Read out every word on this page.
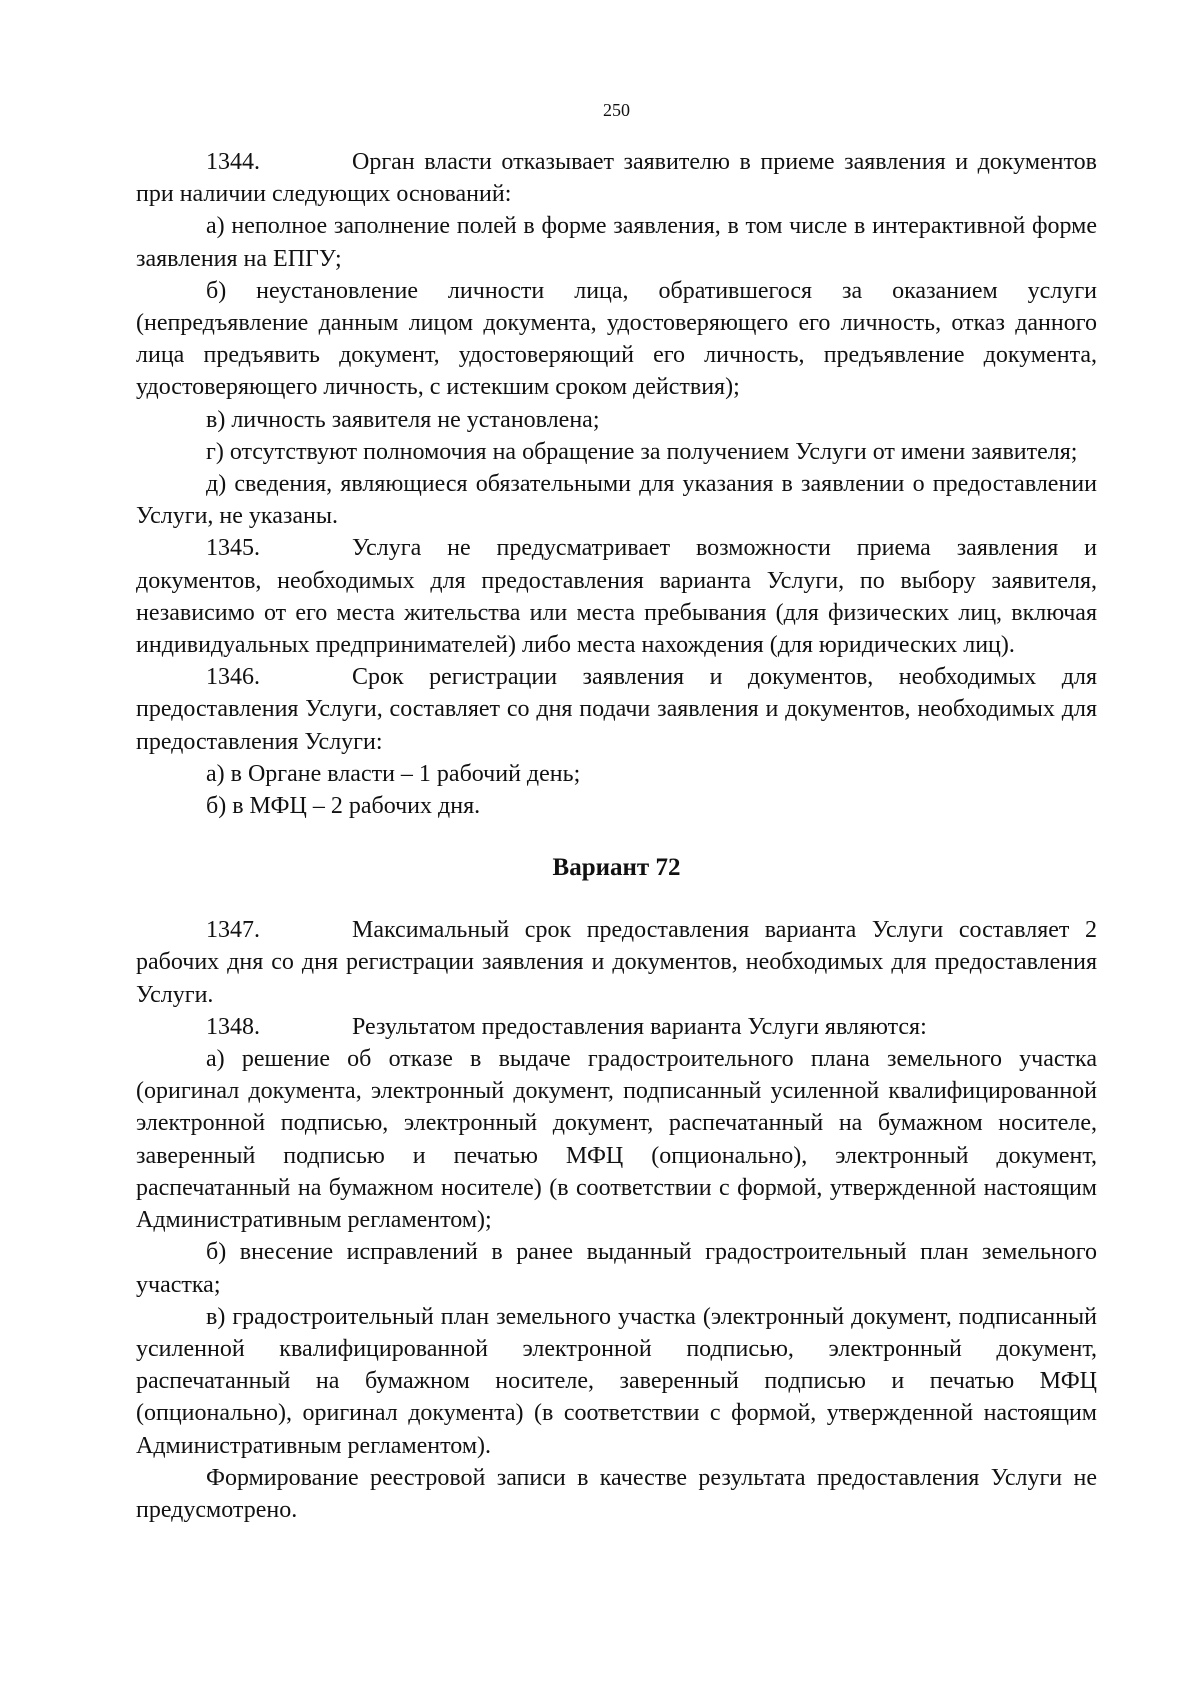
250

1344.	Орган власти отказывает заявителю в приеме заявления и документов при наличии следующих оснований:

а) неполное заполнение полей в форме заявления, в том числе в интерактивной форме заявления на ЕПГУ;

б) неустановление личности лица, обратившегося за оказанием услуги (непредъявление данным лицом документа, удостоверяющего его личность, отказ данного лица предъявить документ, удостоверяющий его личность, предъявление документа, удостоверяющего личность, с истекшим сроком действия);

в) личность заявителя не установлена;

г) отсутствуют полномочия на обращение за получением Услуги от имени заявителя;

д) сведения, являющиеся обязательными для указания в заявлении о предоставлении Услуги, не указаны.

1345.	Услуга не предусматривает возможности приема заявления и документов, необходимых для предоставления варианта Услуги, по выбору заявителя, независимо от его места жительства или места пребывания (для физических лиц, включая индивидуальных предпринимателей) либо места нахождения (для юридических лиц).

1346.	Срок регистрации заявления и документов, необходимых для предоставления Услуги, составляет со дня подачи заявления и документов, необходимых для предоставления Услуги:

а) в Органе власти – 1 рабочий день;

б) в МФЦ – 2 рабочих дня.

Вариант 72

1347.	Максимальный срок предоставления варианта Услуги составляет 2 рабочих дня со дня регистрации заявления и документов, необходимых для предоставления Услуги.

1348.	Результатом предоставления варианта Услуги являются:

а) решение об отказе в выдаче градостроительного плана земельного участка (оригинал документа, электронный документ, подписанный усиленной квалифицированной электронной подписью, электронный документ, распечатанный на бумажном носителе, заверенный подписью и печатью МФЦ (опционально), электронный документ, распечатанный на бумажном носителе) (в соответствии с формой, утвержденной настоящим Административным регламентом);

б) внесение исправлений в ранее выданный градостроительный план земельного участка;

в) градостроительный план земельного участка (электронный документ, подписанный усиленной квалифицированной электронной подписью, электронный документ, распечатанный на бумажном носителе, заверенный подписью и печатью МФЦ (опционально), оригинал документа) (в соответствии с формой, утвержденной настоящим Административным регламентом).

Формирование реестровой записи в качестве результата предоставления Услуги не предусмотрено.
